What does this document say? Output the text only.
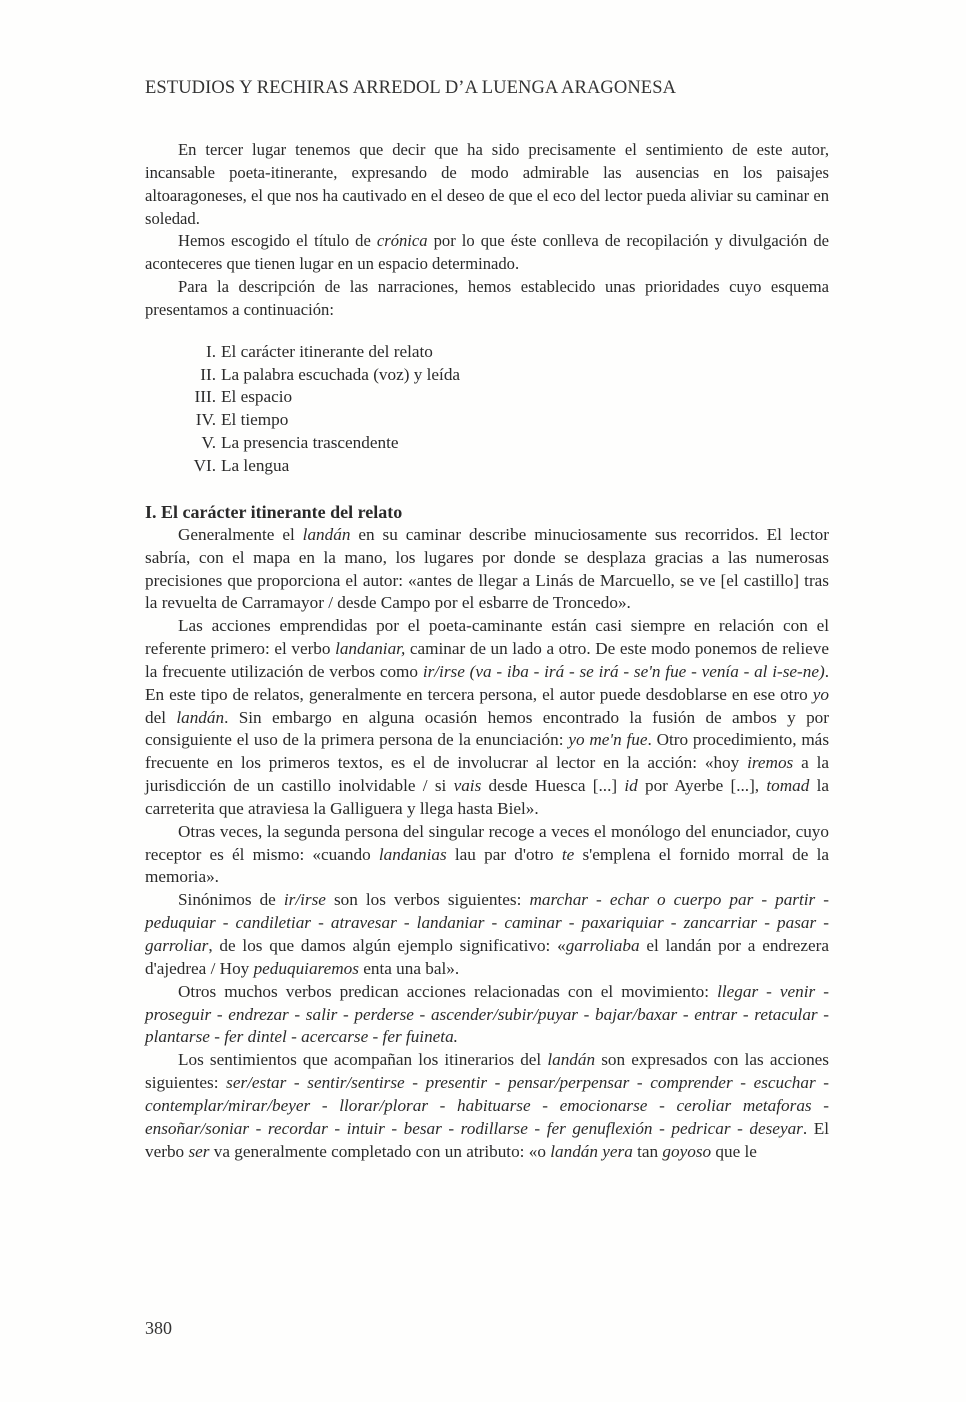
ESTUDIOS Y RECHIRAS ARREDOL D’A LUENGA ARAGONESA

En tercer lugar tenemos que decir que ha sido precisamente el sentimiento de este autor, incansable poeta-itinerante, expresando de modo admirable las ausencias en los paisajes altoaragoneses, el que nos ha cautivado en el deseo de que el eco del lector pueda aliviar su caminar en soledad.

Hemos escogido el título de crónica por lo que éste conlleva de recopilación y divulgación de aconteceres que tienen lugar en un espacio determinado.

Para la descripción de las narraciones, hemos establecido unas prioridades cuyo esquema presentamos a continuación:

I. El carácter itinerante del relato
II. La palabra escuchada (voz) y leída
III. El espacio
IV. El tiempo
V. La presencia trascendente
VI. La lengua
I. El carácter itinerante del relato

Generalmente el landán en su caminar describe minuciosamente sus recorridos. El lector sabría, con el mapa en la mano, los lugares por donde se desplaza gracias a las numerosas precisiones que proporciona el autor: «antes de llegar a Linás de Marcuello, se ve [el castillo] tras la revuelta de Carramayor / desde Campo por el esbarre de Troncedo».

Las acciones emprendidas por el poeta-caminante están casi siempre en relación con el referente primero: el verbo landaniar, caminar de un lado a otro. De este modo ponemos de relieve la frecuente utilización de verbos como ir/irse (va - iba - irá - se irá - se'n fue - venía - al i-se-ne). En este tipo de relatos, generalmente en tercera persona, el autor puede desdoblarse en ese otro yo del landán. Sin embargo en alguna ocasión hemos encontrado la fusión de ambos y por consiguiente el uso de la primera persona de la enunciación: yo me'n fue. Otro procedimiento, más frecuente en los primeros textos, es el de involucrar al lector en la acción: «hoy iremos a la jurisdicción de un castillo inolvidable / si vais desde Huesca [...] id por Ayerbe [...], tomad la carreterita que atraviesa la Galliguera y llega hasta Biel».

Otras veces, la segunda persona del singular recoge a veces el monólogo del enunciador, cuyo receptor es él mismo: «cuando landanias lau par d'otro te s'emplena el fornido morral de la memoria».

Sinónimos de ir/irse son los verbos siguientes: marchar - echar o cuerpo par - partir - peduquiar - candiletiar - atravesar - landaniar - caminar - paxariquiar - zancarriar - pasar - garroliar, de los que damos algún ejemplo significativo: «garroliaba el landán por a endrezera d'ajedrea / Hoy peduquiaremos enta una bal».

Otros muchos verbos predican acciones relacionadas con el movimiento: llegar - venir - proseguir - endrezar - salir - perderse - ascender/subir/puyar - bajar/baxar - entrar - retacular - plantarse - fer dintel - acercarse - fer fuineta.

Los sentimientos que acompañan los itinerarios del landán son expresados con las acciones siguientes: ser/estar - sentir/sentirse - presentir - pensar/perpensar - comprender - escuchar - contemplar/mirar/beyer - llorar/plorar - habituarse - emocionarse - ceroliar metaforas - ensoñar/soniar - recordar - intuir - besar - rodillarse - fer genuflexión - pedricar - deseyar. El verbo ser va generalmente completado con un atributo: «o landán yera tan goyoso que le

380
